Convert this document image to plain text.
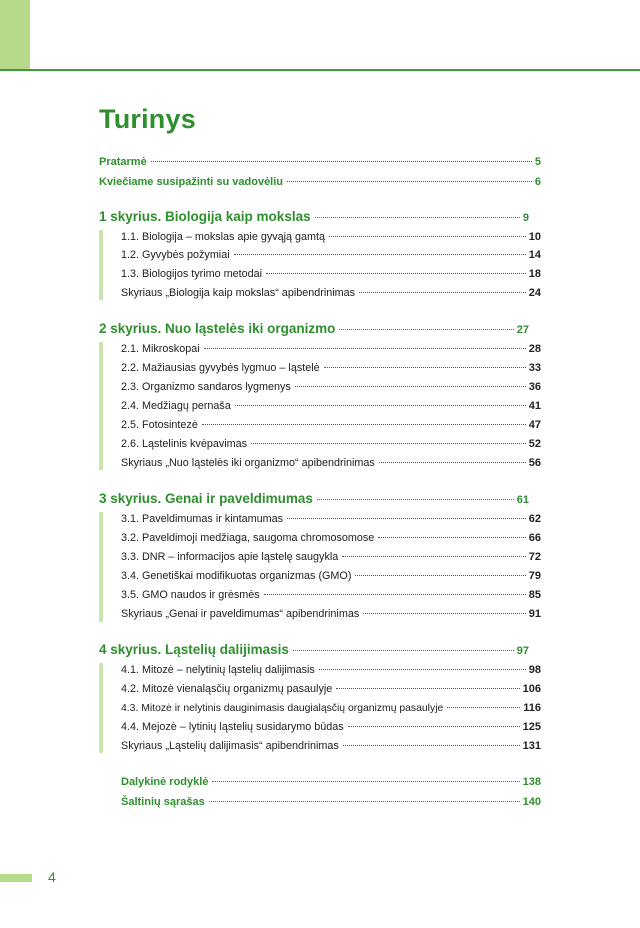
Turinys
Pratarmė	5
Kviečiame susipažinti su vadovėliu	6
1 skyrius. Biologija kaip mokslas	9
1.1. Biologija – mokslas apie gyvąją gamtą	10
1.2. Gyvybės požymiai	14
1.3. Biologijos tyrimo metodai	18
Skyriaus „Biologija kaip mokslas“ apibendrinimas	24
2 skyrius. Nuo ląstelės iki organizmo	27
2.1. Mikroskopai	28
2.2. Mažiausias gyvybės lygmuo – ląstelė	33
2.3. Organizmo sandaros lygmenys	36
2.4. Medžiagų pernaša	41
2.5. Fotosintezė	47
2.6. Ląstelinis kvėpavimas	52
Skyriaus „Nuo ląstelės iki organizmo“ apibendrinimas	56
3 skyrius. Genai ir paveldimumas	61
3.1. Paveldimumas ir kintamumas	62
3.2. Paveldimoji medžiaga, saugoma chromosomose	66
3.3. DNR – informacijos apie ląstelę saugykla	72
3.4. Genetiškai modifikuotas organizmas (GMO)	79
3.5. GMO naudos ir grėsmės	85
Skyriaus „Genai ir paveldimumas“ apibendrinimas	91
4 skyrius. Ląstelių dalijimasis	97
4.1. Mitozė – nelytinių ląstelių dalijimasis	98
4.2. Mitozė vienaląsčių organizmų pasaulyje	106
4.3. Mitozė ir nelytinis dauginimasis daugialąsčių organizmų pasaulyje	116
4.4. Mejozė – lytinių ląstelių susidarymo būdas	125
Skyriaus „Ląstelių dalijimasis“ apibendrinimas	131
Dalykinė rodyklė	138
Šaltinių sąrašas	140
4
